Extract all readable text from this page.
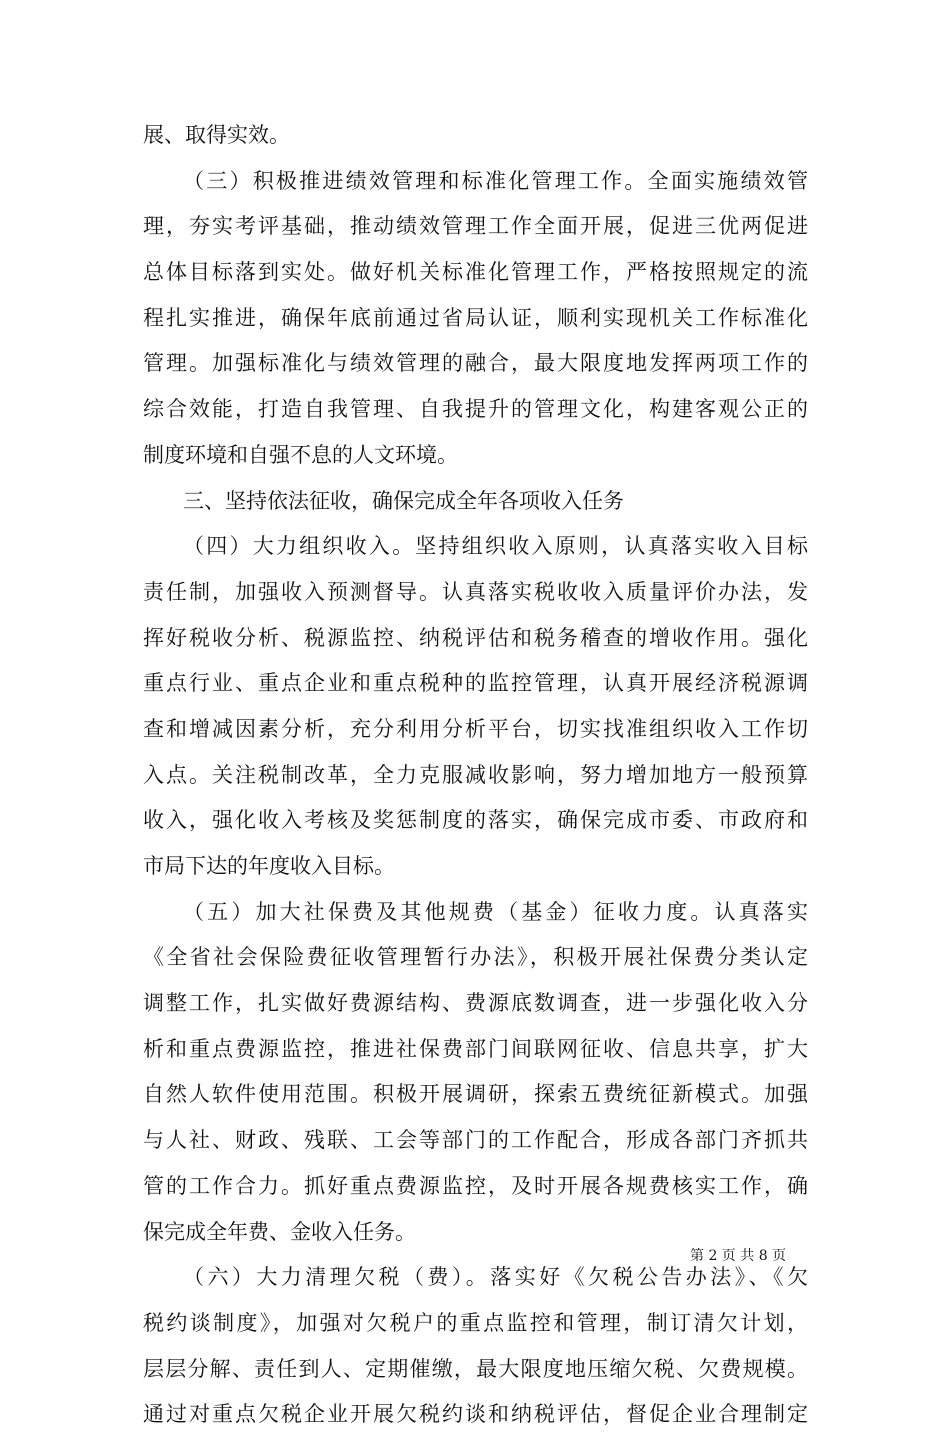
展、取得实效。
（三）积极推进绩效管理和标准化管理工作。全面实施绩效管
理，夯实考评基础，推动绩效管理工作全面开展，促进三优两促进
总体目标落到实处。做好机关标准化管理工作，严格按照规定的流
程扎实推进，确保年底前通过省局认证，顺利实现机关工作标准化
管理。加强标准化与绩效管理的融合，最大限度地发挥两项工作的
综合效能，打造自我管理、自我提升的管理文化，构建客观公正的
制度环境和自强不息的人文环境。
三、坚持依法征收，确保完成全年各项收入任务
（四）大力组织收入。坚持组织收入原则，认真落实收入目标
责任制，加强收入预测督导。认真落实税收收入质量评价办法，发
挥好税收分析、税源监控、纳税评估和税务稽查的增收作用。强化
重点行业、重点企业和重点税种的监控管理，认真开展经济税源调
查和增减因素分析，充分利用分析平台，切实找准组织收入工作切
入点。关注税制改革，全力克服减收影响，努力增加地方一般预算
收入，强化收入考核及奖惩制度的落实，确保完成市委、市政府和
市局下达的年度收入目标。
（五）加大社保费及其他规费（基金）征收力度。认真落实
《全省社会保险费征收管理暂行办法》，积极开展社保费分类认定
调整工作，扎实做好费源结构、费源底数调查，进一步强化收入分
析和重点费源监控，推进社保费部门间联网征收、信息共享，扩大
自然人软件使用范围。积极开展调研，探索五费统征新模式。加强
与人社、财政、残联、工会等部门的工作配合，形成各部门齐抓共
管的工作合力。抓好重点费源监控，及时开展各规费核实工作，确
保完成全年费、金收入任务。
（六）大力清理欠税（费）。落实好《欠税公告办法》、《欠
税约谈制度》，加强对欠税户的重点监控和管理，制订清欠计划，
层层分解、责任到人、定期催缴，最大限度地压缩欠税、欠费规模。
通过对重点欠税企业开展欠税约谈和纳税评估，督促企业合理制定
第 2 页 共 8 页
